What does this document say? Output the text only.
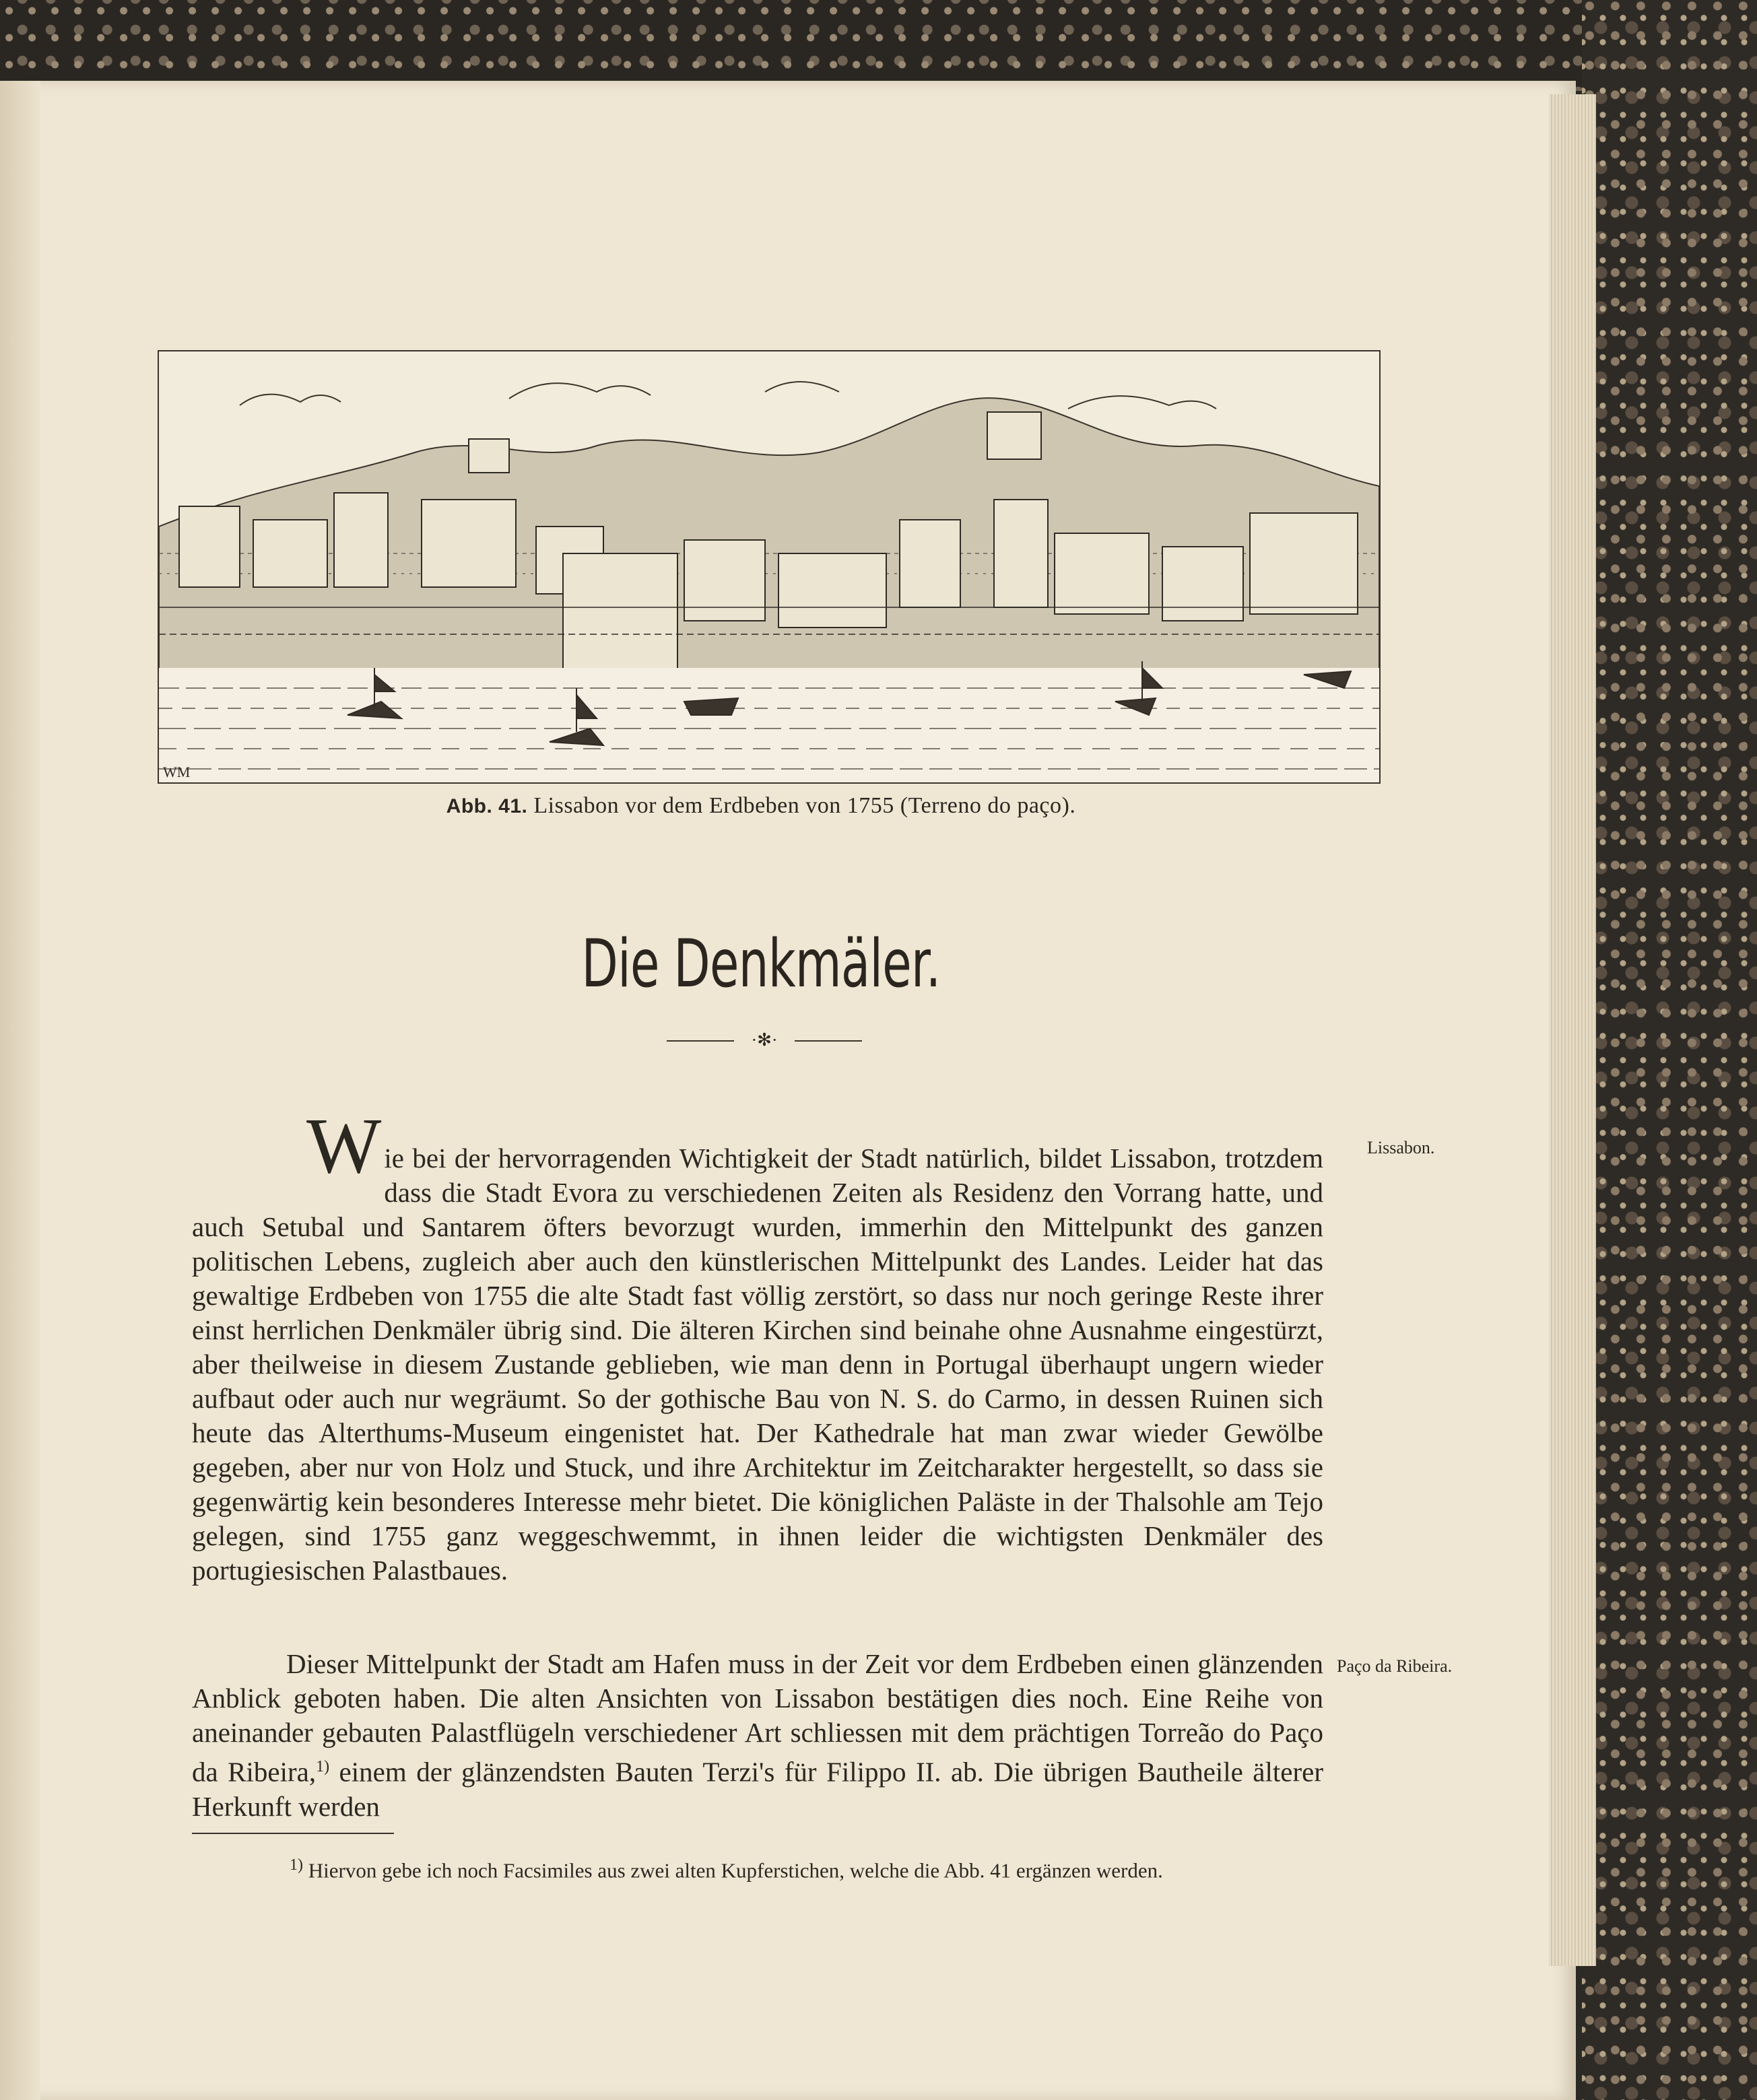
WM
Abb. 41. Lissabon vor dem Erdbeben von 1755 (Terreno do paço).
Die Denkmäler.
·✻·
Wie bei der hervorragenden Wichtigkeit der Stadt natürlich, bildet Lissabon, trotzdem dass die Stadt Evora zu verschiedenen Zeiten als Residenz den Vorrang hatte, und auch Setubal und Santarem öfters bevorzugt wurden, immerhin den Mittelpunkt des ganzen politischen Lebens, zugleich aber auch den künstlerischen Mittelpunkt des Landes. Leider hat das gewaltige Erdbeben von 1755 die alte Stadt fast völlig zerstört, so dass nur noch geringe Reste ihrer einst herrlichen Denkmäler übrig sind. Die älteren Kirchen sind beinahe ohne Ausnahme eingestürzt, aber theilweise in diesem Zustande geblieben, wie man denn in Portugal überhaupt ungern wieder aufbaut oder auch nur wegräumt. So der gothische Bau von N. S. do Carmo, in dessen Ruinen sich heute das Alterthums-Museum eingenistet hat. Der Kathedrale hat man zwar wieder Gewölbe gegeben, aber nur von Holz und Stuck, und ihre Architektur im Zeitcharakter hergestellt, so dass sie gegenwärtig kein besonderes Interesse mehr bietet. Die königlichen Paläste in der Thalsohle am Tejo gelegen, sind 1755 ganz weggeschwemmt, in ihnen leider die wichtigsten Denkmäler des portugiesischen Palastbaues.
Lissabon.
Dieser Mittelpunkt der Stadt am Hafen muss in der Zeit vor dem Erdbeben einen glänzenden Anblick geboten haben. Die alten Ansichten von Lissabon bestätigen dies noch. Eine Reihe von aneinander gebauten Palastflügeln verschiedener Art schliessen mit dem prächtigen Torreão do Paço da Ribeira,$^{1)}$ einem der glänzendsten Bauten Terzi's für Filippo II. ab. Die übrigen Bautheile älterer Herkunft werden
Paço da Ribeira.
$^{1)}$ Hiervon gebe ich noch Facsimiles aus zwei alten Kupferstichen, welche die Abb. 41 ergänzen werden.
